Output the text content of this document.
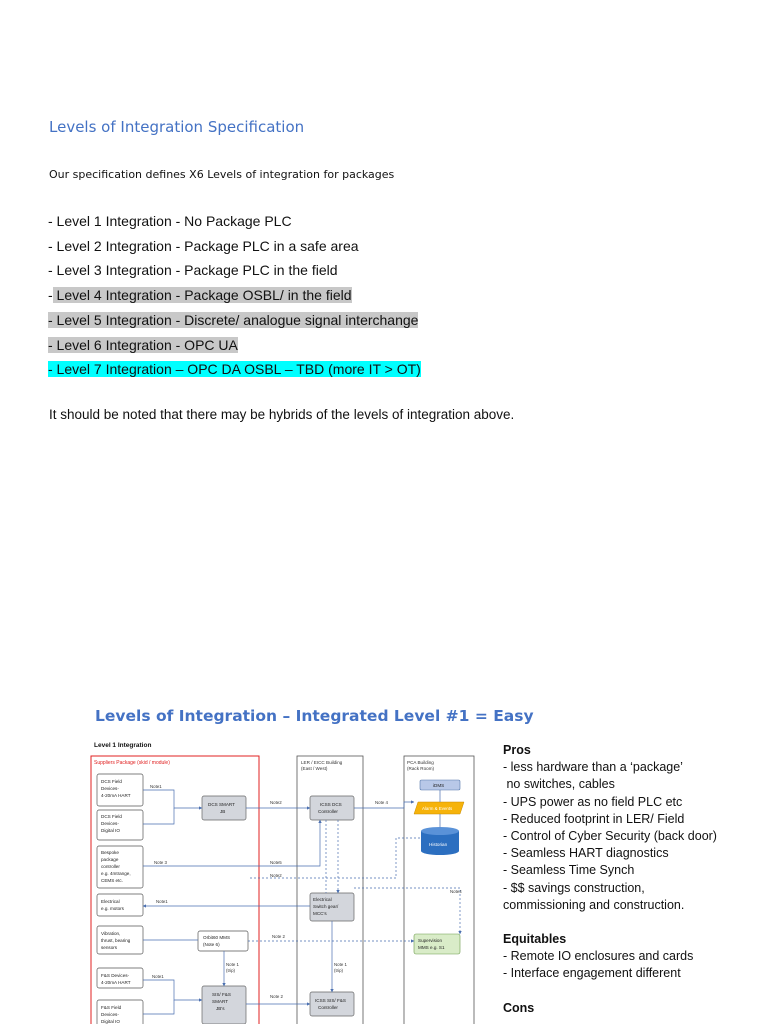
Levels of Integration Specification
Our specification defines X6 Levels of integration for packages
- Level 1 Integration - No Package PLC
- Level 2 Integration - Package PLC in a safe area
- Level 3 Integration - Package PLC in the field
- Level 4 Integration - Package OSBL/ in the field
- Level 5 Integration - Discrete/ analogue signal interchange
- Level 6 Integration - OPC UA
- Level 7 Integration – OPC DA OSBL – TBD (more IT > OT)
It should be noted that there may be hybrids of the levels of integration above.
Levels of Integration – Integrated Level #1 = Easy
Level 1 Integration
Suppliers Package (skid / module)	LER / EICC Building
(East / West)
PCA Building
(Rack Room)
DCS Field Devices-4-20mA HART
DCS Field Devices-Digital IO
Bespoke package controller e.g. 4mtrange, CEMS etc.
Electrical e.g. motors
Vibration, thrust, bearing sensors
F&S Devices-4-20mA HART
F&S Field Devices-Digital IO
Orbit60 MMS (Note 6)
DCS SMART JB
ICSS DCS Controller
Electrical Switch gear/ MCC's
SIS/ F&S SMART JB's
ICSS SIS/ F&S Controller
iDMS
Alarm & Events
Historian
Supervision MMS e.g. S1
Note1
Note2	Note 4
Note 3	Note5
Note2
Note1
Note 2
Note 1
(trip)
Note 1
(trip)
Note1
Note 2
Note4
Pros
- less hardware than a ‘package’
no switches, cables
- UPS power as no field PLC etc
- Reduced footprint in LER/ Field
- Control of Cyber Security (back door)
- Seamless HART diagnostics
- Seamless Time Synch
- $$ savings construction,
commissioning and construction.
Equitables
- Remote IO enclosures and cards
- Interface engagement different
Cons
